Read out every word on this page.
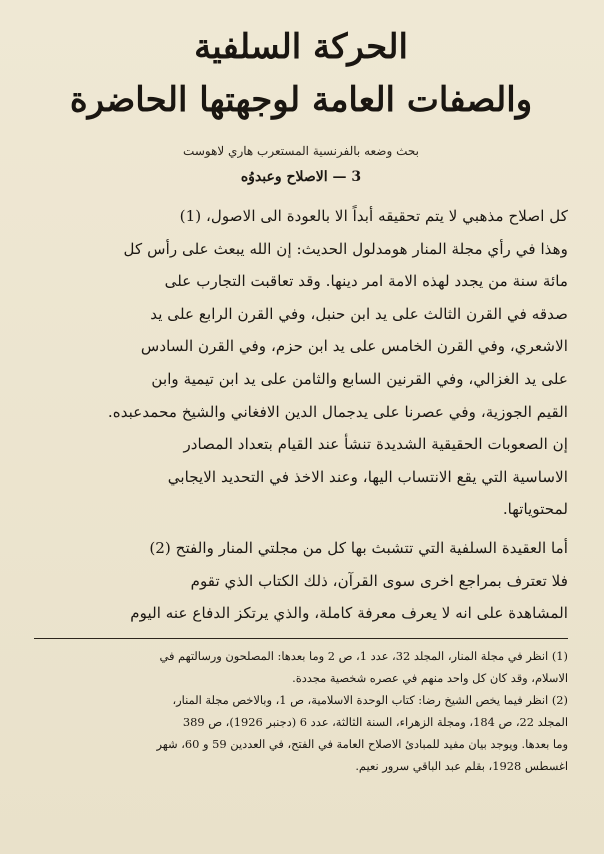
الحركة السلفية
والصفات العامة لوجهتها الحاضرة
بحث وضعه بالفرنسية المستعرب هاري لاهوست
3 — الاصلاح وعبدوُه
كل اصلاح مذهبي لا يتم تحقيقه أبداً الا بالعودة الى الاصول، (1)
وهذا في رأي مجلة المنار هومدلول الحديث: إن الله يبعث على رأس كل
مائة سنة من يجدد لهذه الامة امر دينها. وقد تعاقبت التجارب على
صدقه في القرن الثالث على يد ابن حنبل، وفي القرن الرابع على يد
الاشعري، وفي القرن الخامس على يد ابن حزم، وفي القرن السادس
على يد الغزالي، وفي القرنين السابع والثامن على يد ابن تيمية وابن
القيم الجوزية، وفي عصرنا على يدجمال الدين الافغاني والشيخ محمدعبده.
إن الصعوبات الحقيقية الشديدة تنشأ عند القيام بتعداد المصادر
الاساسية التي يقع الانتساب اليها، وعند الاخذ في التحديد الايجابي
لمحتوياتها.
أما العقيدة السلفية التي تتشبث بها كل من مجلتي المنار والفتح (2)
فلا تعترف بمراجع اخرى سوى القرآن، ذلك الكتاب الذي تقوم
المشاهدة على انه لا يعرف معرفة كاملة، والذي يرتكز الدفاع عنه اليوم
(1) انظر في مجلة المنار، المجلد 32، عدد 1، ص 2 وما بعدها: المصلحون ورسالتهم في
الاسلام، وقد كان كل واحد منهم في عصره شخصية مجددة.
(2) انظر فيما يخص الشيخ رضا: كتاب الوحدة الاسلامية، ص 1، وبالاخص مجلة المنار،
المجلد 22، ص 184، ومجلة الزهراء، السنة الثالثة، عدد 6 (دجنبر 1926)، ص 389
وما بعدها. ويوجد بيان مفيد للمبادئ الاصلاح العامة في الفتح، في العددين 59 و 60، شهر
اغسطس 1928، بقلم عبد الباقي سرور نعيم.
